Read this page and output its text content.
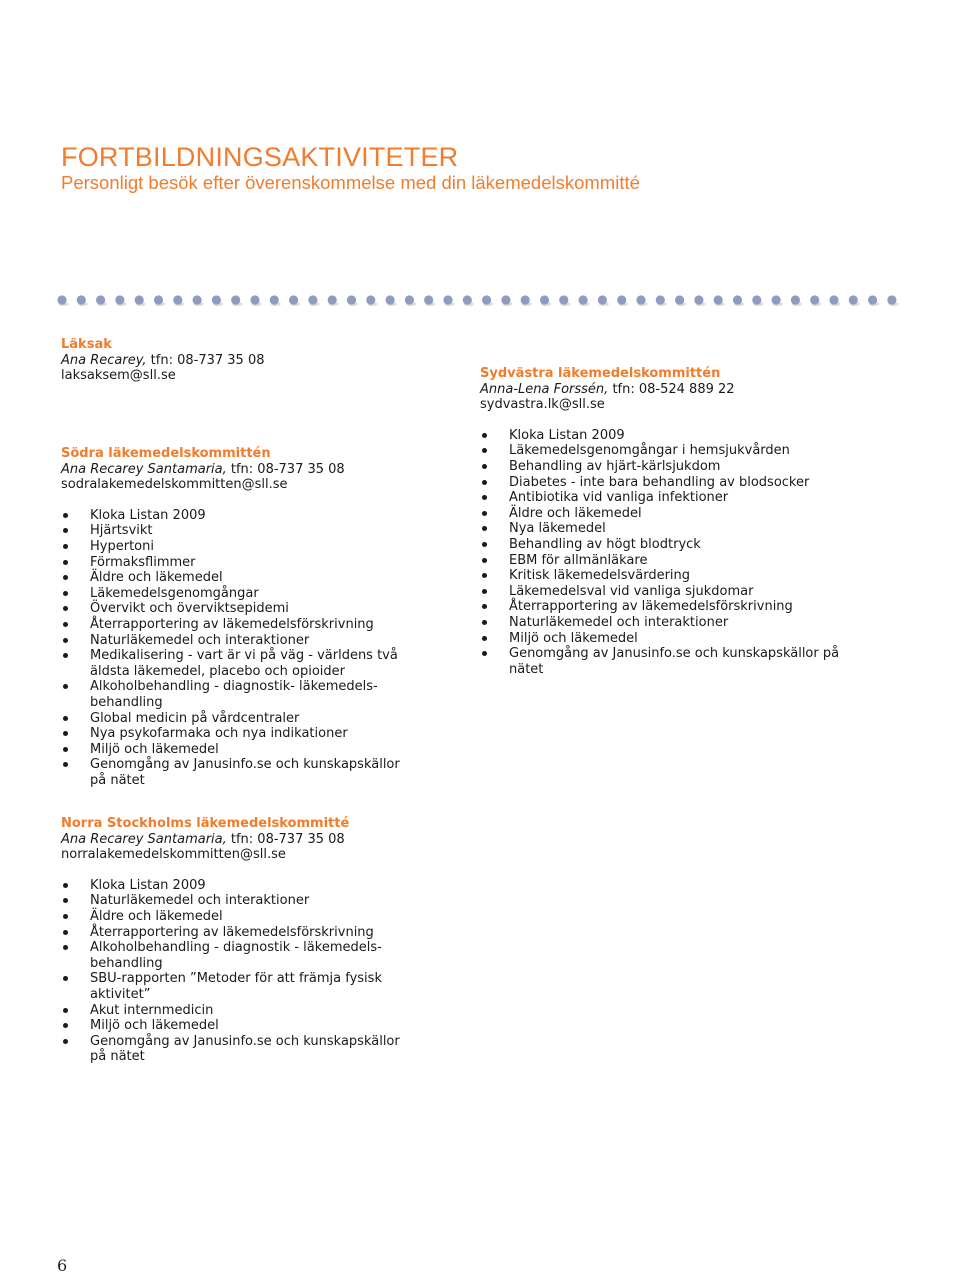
FORTBILDNINGSAKTIVITETER
Personligt besök efter överenskommelse med din läkemedelskommitté
Läksak
Ana Recarey, tfn: 08-737 35 08
laksaksem@sll.se
Södra läkemedelskommittén
Ana Recarey Santamaria, tfn: 08-737 35 08
sodralakemedelskommitten@sll.se
Kloka Listan 2009
Hjärtsvikt
Hypertoni
Förmaksflimmer
Äldre och läkemedel
Läkemedelsgenomgångar
Övervikt och överviktsepidemi
Återrapportering av läkemedelsförskrivning
Naturläkemedel och interaktioner
Medikalisering - vart är vi på väg - världens två äldsta läkemedel, placebo och opioider
Alkoholbehandling - diagnostik- läkemedels-behandling
Global medicin på vårdcentraler
Nya psykofarmaka och nya indikationer
Miljö och läkemedel
Genomgång av Janusinfo.se och kunskapskällor på nätet
Norra Stockholms läkemedelskommitté
Ana Recarey Santamaria, tfn: 08-737 35 08
norralakemedelskommitten@sll.se
Kloka Listan 2009
Naturläkemedel och interaktioner
Äldre och läkemedel
Återrapportering av läkemedelsförskrivning
Alkoholbehandling - diagnostik - läkemedels-behandling
SBU-rapporten ”Metoder för att främja fysisk aktivitet”
Akut internmedicin
Miljö och läkemedel
Genomgång av Janusinfo.se och kunskapskällor på nätet
Sydvästra läkemedelskommittén
Anna-Lena Forssén, tfn: 08-524 889 22
sydvastra.lk@sll.se
Kloka Listan 2009
Läkemedelsgenomgångar i hemsjukvården
Behandling av hjärt-kärlsjukdom
Diabetes - inte bara behandling av blodsocker
Antibiotika vid vanliga infektioner
Äldre och läkemedel
Nya läkemedel
Behandling av högt blodtryck
EBM för allmänläkare
Kritisk läkemedelsvärdering
Läkemedelsval vid vanliga sjukdomar
Återrapportering av läkemedelsförskrivning
Naturläkemedel och interaktioner
Miljö och läkemedel
Genomgång av Janusinfo.se och kunskapskällor på nätet
6
